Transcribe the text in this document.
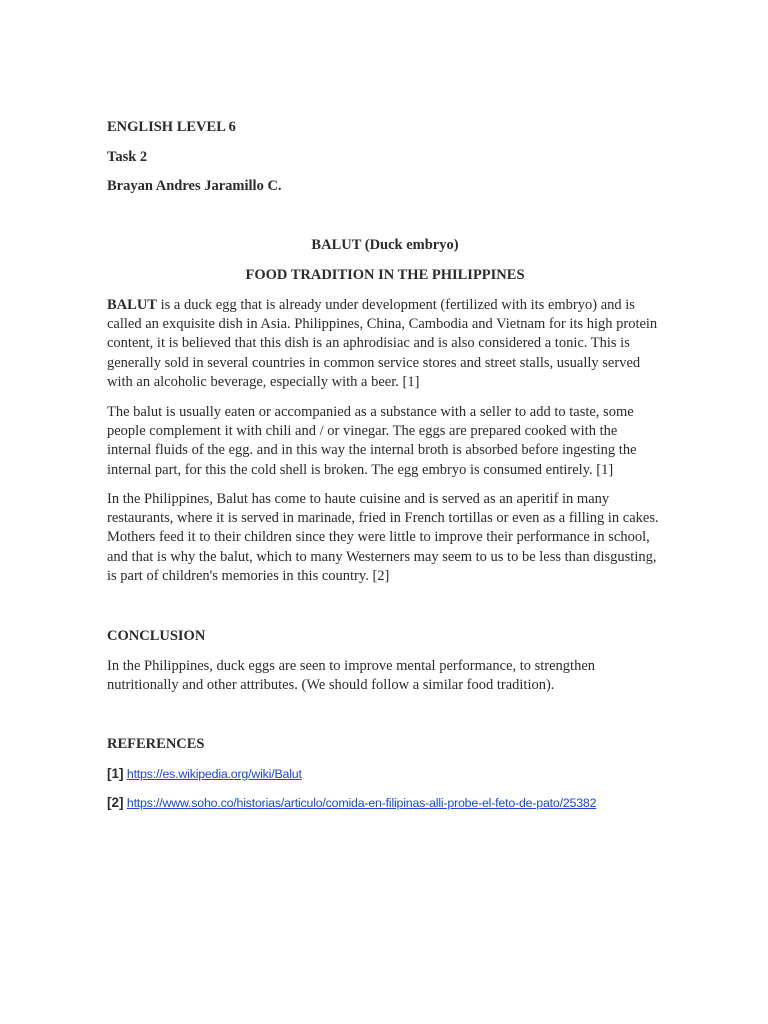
ENGLISH LEVEL 6
Task 2
Brayan Andres Jaramillo C.
BALUT (Duck embryo)
FOOD TRADITION IN THE PHILIPPINES
BALUT is a duck egg that is already under development (fertilized with its embryo) and is called an exquisite dish in Asia. Philippines, China, Cambodia and Vietnam for its high protein content, it is believed that this dish is an aphrodisiac and is also considered a tonic. This is generally sold in several countries in common service stores and street stalls, usually served with an alcoholic beverage, especially with a beer. [1]
The balut is usually eaten or accompanied as a substance with a seller to add to taste, some people complement it with chili and / or vinegar. The eggs are prepared cooked with the internal fluids of the egg. and in this way the internal broth is absorbed before ingesting the internal part, for this the cold shell is broken. The egg embryo is consumed entirely. [1]
In the Philippines, Balut has come to haute cuisine and is served as an aperitif in many restaurants, where it is served in marinade, fried in French tortillas or even as a filling in cakes. Mothers feed it to their children since they were little to improve their performance in school, and that is why the balut, which to many Westerners may seem to us to be less than disgusting, is part of children's memories in this country. [2]
CONCLUSION
In the Philippines, duck eggs are seen to improve mental performance, to strengthen nutritionally and other attributes. (We should follow a similar food tradition).
REFERENCES
[1] https://es.wikipedia.org/wiki/Balut
[2] https://www.soho.co/historias/articulo/comida-en-filipinas-alli-probe-el-feto-de-pato/25382
